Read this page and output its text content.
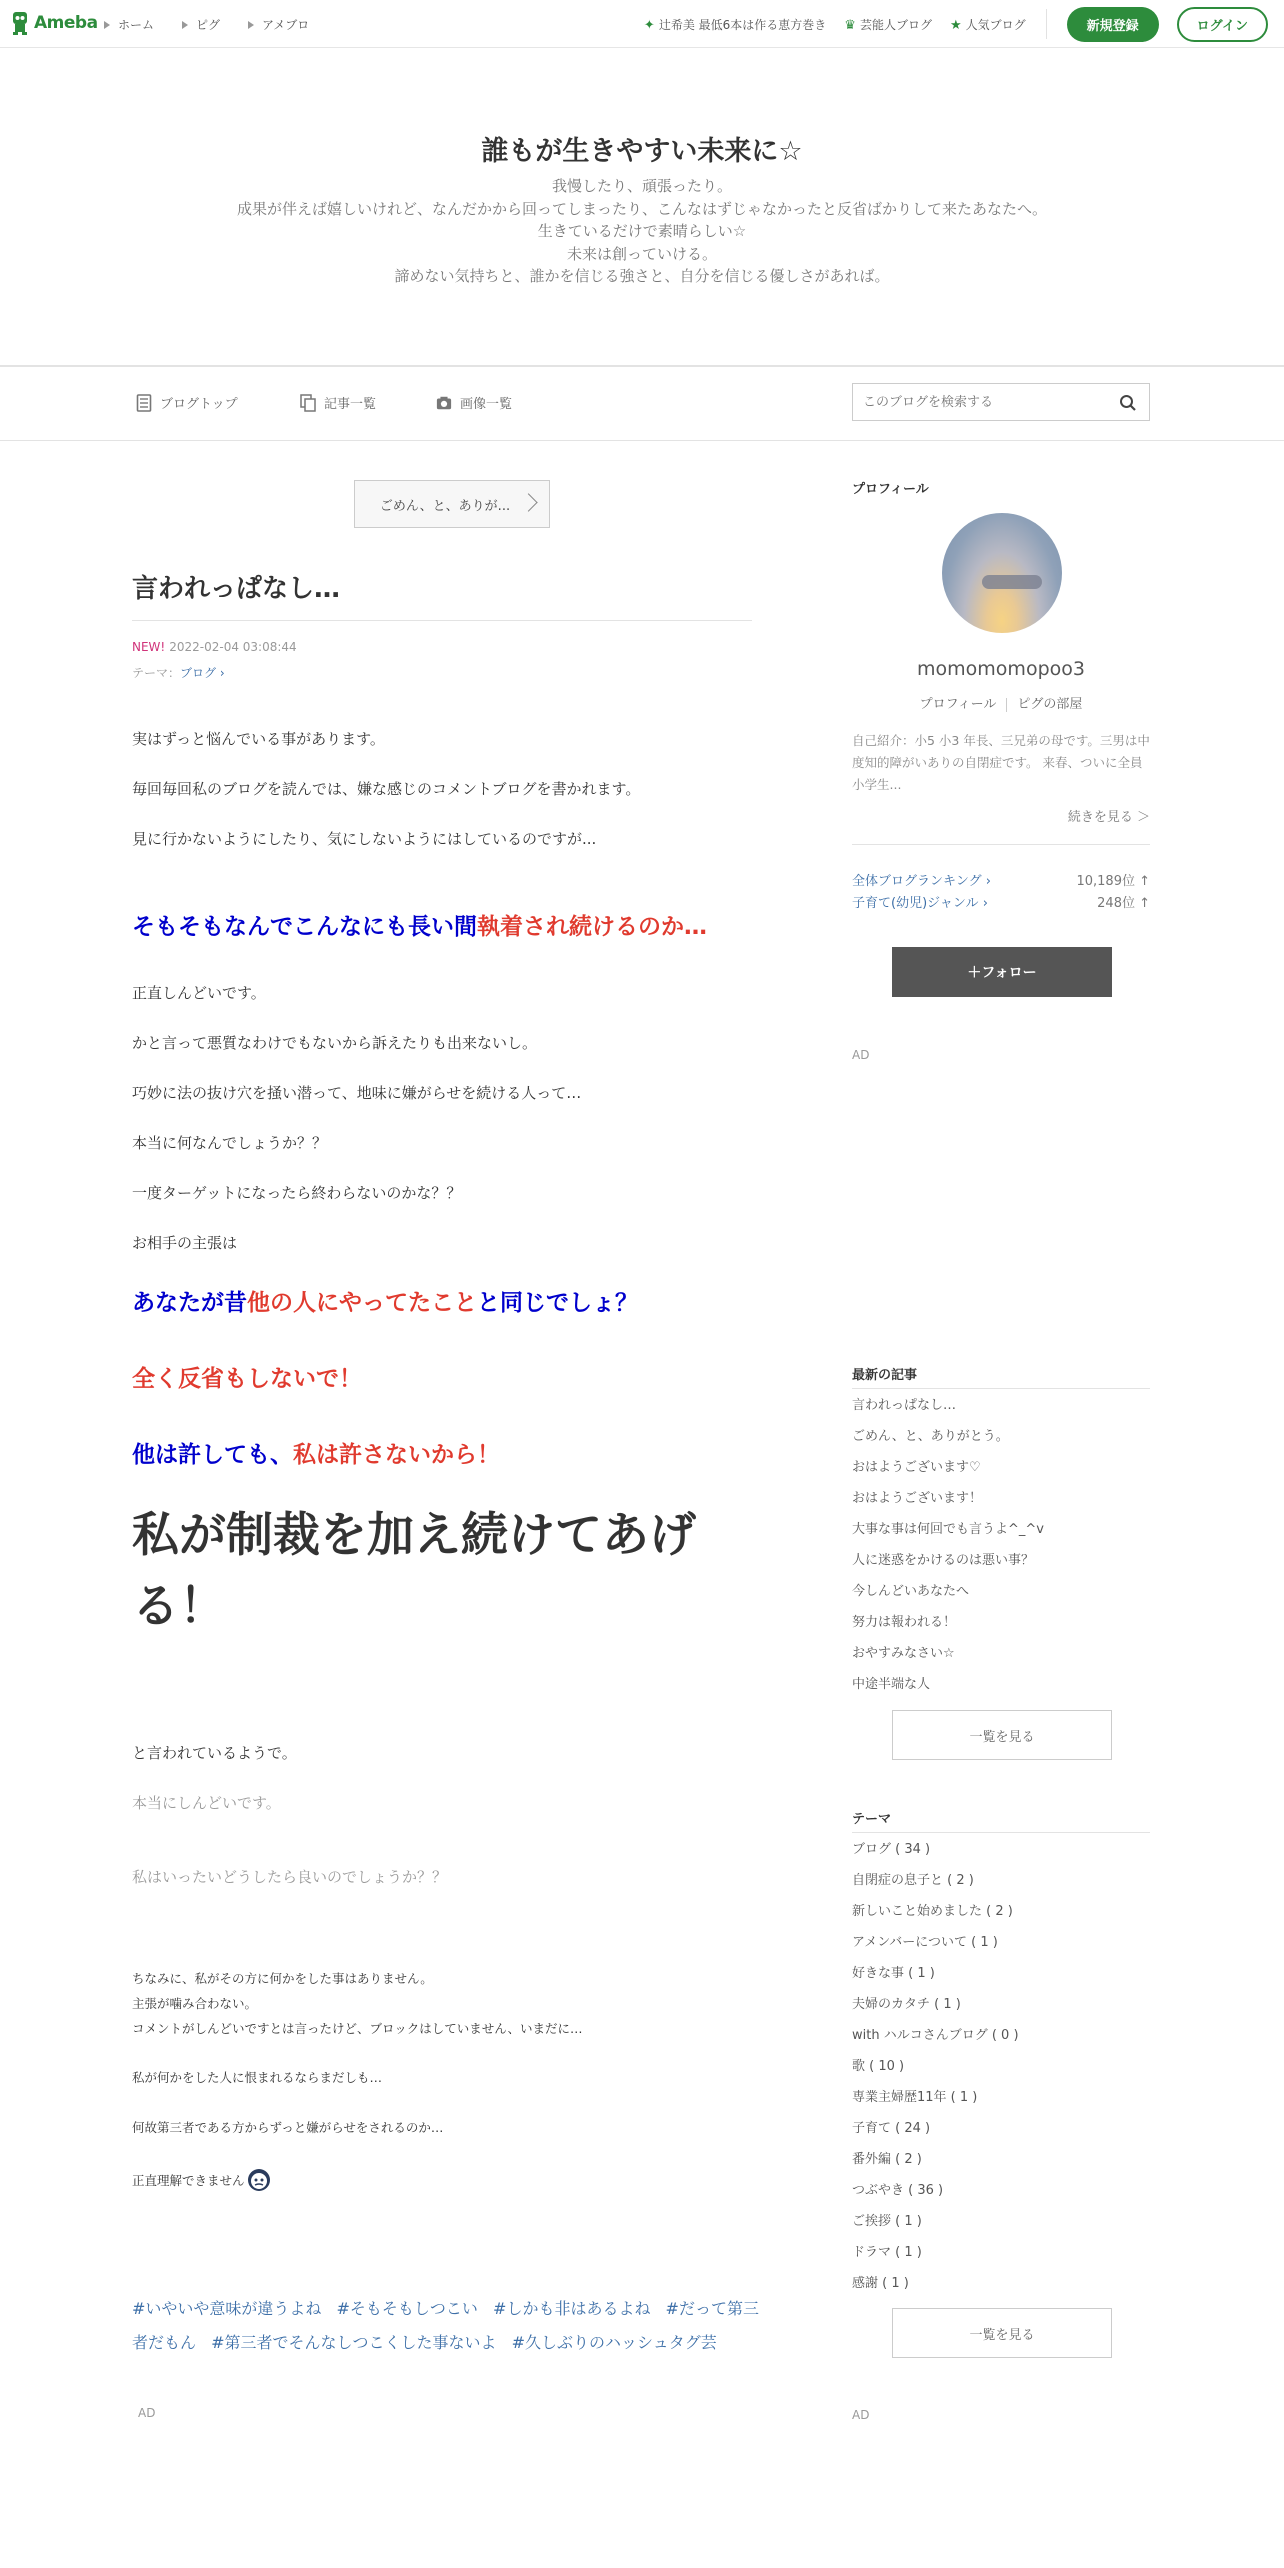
Ameba	ホーム	ピグ	アメブロ	✦ 辻希美 最低6本は作る恵方巻き ♛ 芸能人ブログ ★ 人気ブログ	新規登録	ログイン
誰もが生きやすい未来に☆
我慢したり、頑張ったり。
成果が伴えば嬉しいけれど、なんだかから回ってしまったり、こんなはずじゃなかったと反省ばかりして来たあなたへ。
生きているだけで素晴らしい☆
未来は創っていける。
諦めない気持ちと、誰かを信じる強さと、自分を信じる優しさがあれば。
ブログトップ	記事一覧	画像一覧
このブログを検索する
ごめん、と、ありが...
言われっぱなし…
NEW! 2022-02-04 03:08:44
テーマ：ブログ ›
実はずっと悩んでいる事があります。
毎回毎回私のブログを読んでは、嫌な感じのコメントブログを書かれます。
見に行かないようにしたり、気にしないようにはしているのですが...
そもそもなんでこんなにも長い間執着され続けるのか…
正直しんどいです。
かと言って悪質なわけでもないから訴えたりも出来ないし。
巧妙に法の抜け穴を掻い潜って、地味に嫌がらせを続ける人って…
本当に何なんでしょうか？？
一度ターゲットになったら終わらないのかな？？
お相手の主張は
あなたが昔他の人にやってたことと同じでしょ？
全く反省もしないで！
他は許しても、私は許さないから！
私が制裁を加え続けてあげ
る！
と言われているようで。
本当にしんどいです。
私はいったいどうしたら良いのでしょうか？？
ちなみに、私がその方に何かをした事はありません。
主張が噛み合わない。
コメントがしんどいですとは言ったけど、ブロックはしていません、いまだに…
私が何かをした人に恨まれるならまだしも…
何故第三者である方からずっと嫌がらせをされるのか…
正直理解できません
#いやいや意味が違うよね #そもそもしつこい #しかも非はあるよね #だって第三者だもん #第三者でそんなしつこくした事ないよ #久しぶりのハッシュタグ芸
AD
プロフィール
momomomopoo3
プロフィール ピグの部屋
自己紹介：小5 小3 年長、三兄弟の母です。三男は中度知的障がいありの自閉症です。 来春、ついに全員小学生...
続きを見る ＞
全体ブログランキング ›	10,189位 ↑
子育て(幼児)ジャンル ›	248位 ↑
＋フォロー
AD
最新の記事
言われっぱなし…
ごめん、と、ありがとう。
おはようございます♡
おはようございます！
大事な事は何回でも言うよ^_^v
人に迷惑をかけるのは悪い事？
今しんどいあなたへ
努力は報われる！
おやすみなさい☆
中途半端な人
一覧を見る
テーマ
ブログ ( 34 )
自閉症の息子と ( 2 )
新しいこと始めました ( 2 )
アメンバーについて ( 1 )
好きな事 ( 1 )
夫婦のカタチ ( 1 )
with ハルコさんブログ ( 0 )
歌 ( 10 )
専業主婦歴11年 ( 1 )
子育て ( 24 )
番外編 ( 2 )
つぶやき ( 36 )
ご挨拶 ( 1 )
ドラマ ( 1 )
感謝 ( 1 )
一覧を見る
AD
